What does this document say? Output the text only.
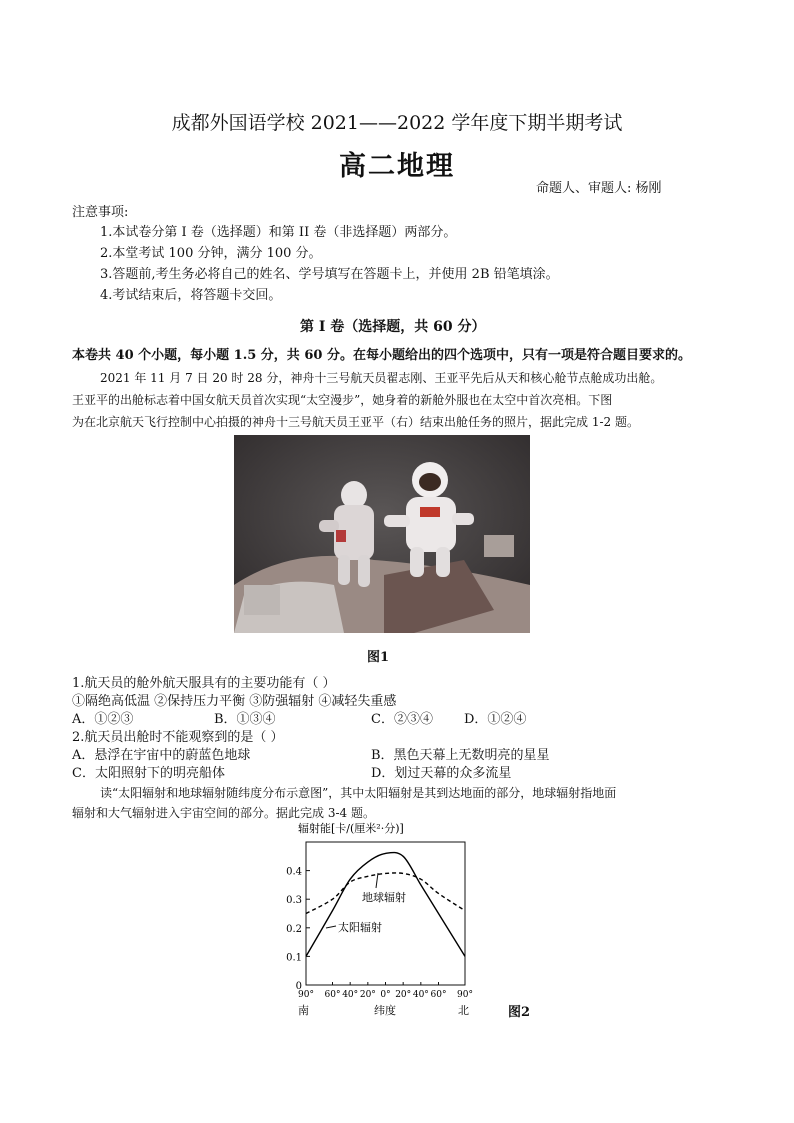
成都外国语学校 2021——2022 学年度下期半期考试
高二地理
命题人、审题人: 杨刚
注意事项:
1.本试卷分第 I 卷（选择题）和第 II 卷（非选择题）两部分。
2.本堂考试 100 分钟，满分 100 分。
3.答题前,考生务必将自己的姓名、学号填写在答题卡上，并使用 2B 铅笔填涂。
4.考试结束后，将答题卡交回。
第 I 卷（选择题，共 60 分）
本卷共 40 个小题，每小题 1.5 分，共 60 分。在每小题给出的四个选项中，只有一项是符合题目要求的。
2021 年 11 月 7 日 20 时 28 分，神舟十三号航天员翟志刚、王亚平先后从天和核心舱节点舱成功出舱。
王亚平的出舱标志着中国女航天员首次实现“太空漫步”，她身着的新舱外服也在太空中首次亮相。下图
为在北京航天飞行控制中心拍摄的神舟十三号航天员王亚平（右）结束出舱任务的照片，据此完成 1-2 题。
图1
1.航天员的舱外航天服具有的主要功能有（ ）
①隔绝高低温 ②保持压力平衡 ③防强辐射 ④减轻失重感
A．①②③	B．①③④	C．②③④ D．①②④
2.航天员出舱时不能观察到的是（ ）
A．悬浮在宇宙中的蔚蓝色地球	B．黑色天幕上无数明亮的星星
C．太阳照射下的明亮船体	D．划过天幕的众多流星
读“太阳辐射和地球辐射随纬度分布示意图”，其中太阳辐射是其到达地面的部分，地球辐射指地面
辐射和大气辐射进入宇宙空间的部分。据此完成 3-4 题。
辐射能[卡/(厘米²·分)]
0
0.1
0.2
0.3
0.4
90° 60° 40° 20° 0° 20° 40° 60° 90°
地球辐射
太阳辐射
南	纬度	北	图2
